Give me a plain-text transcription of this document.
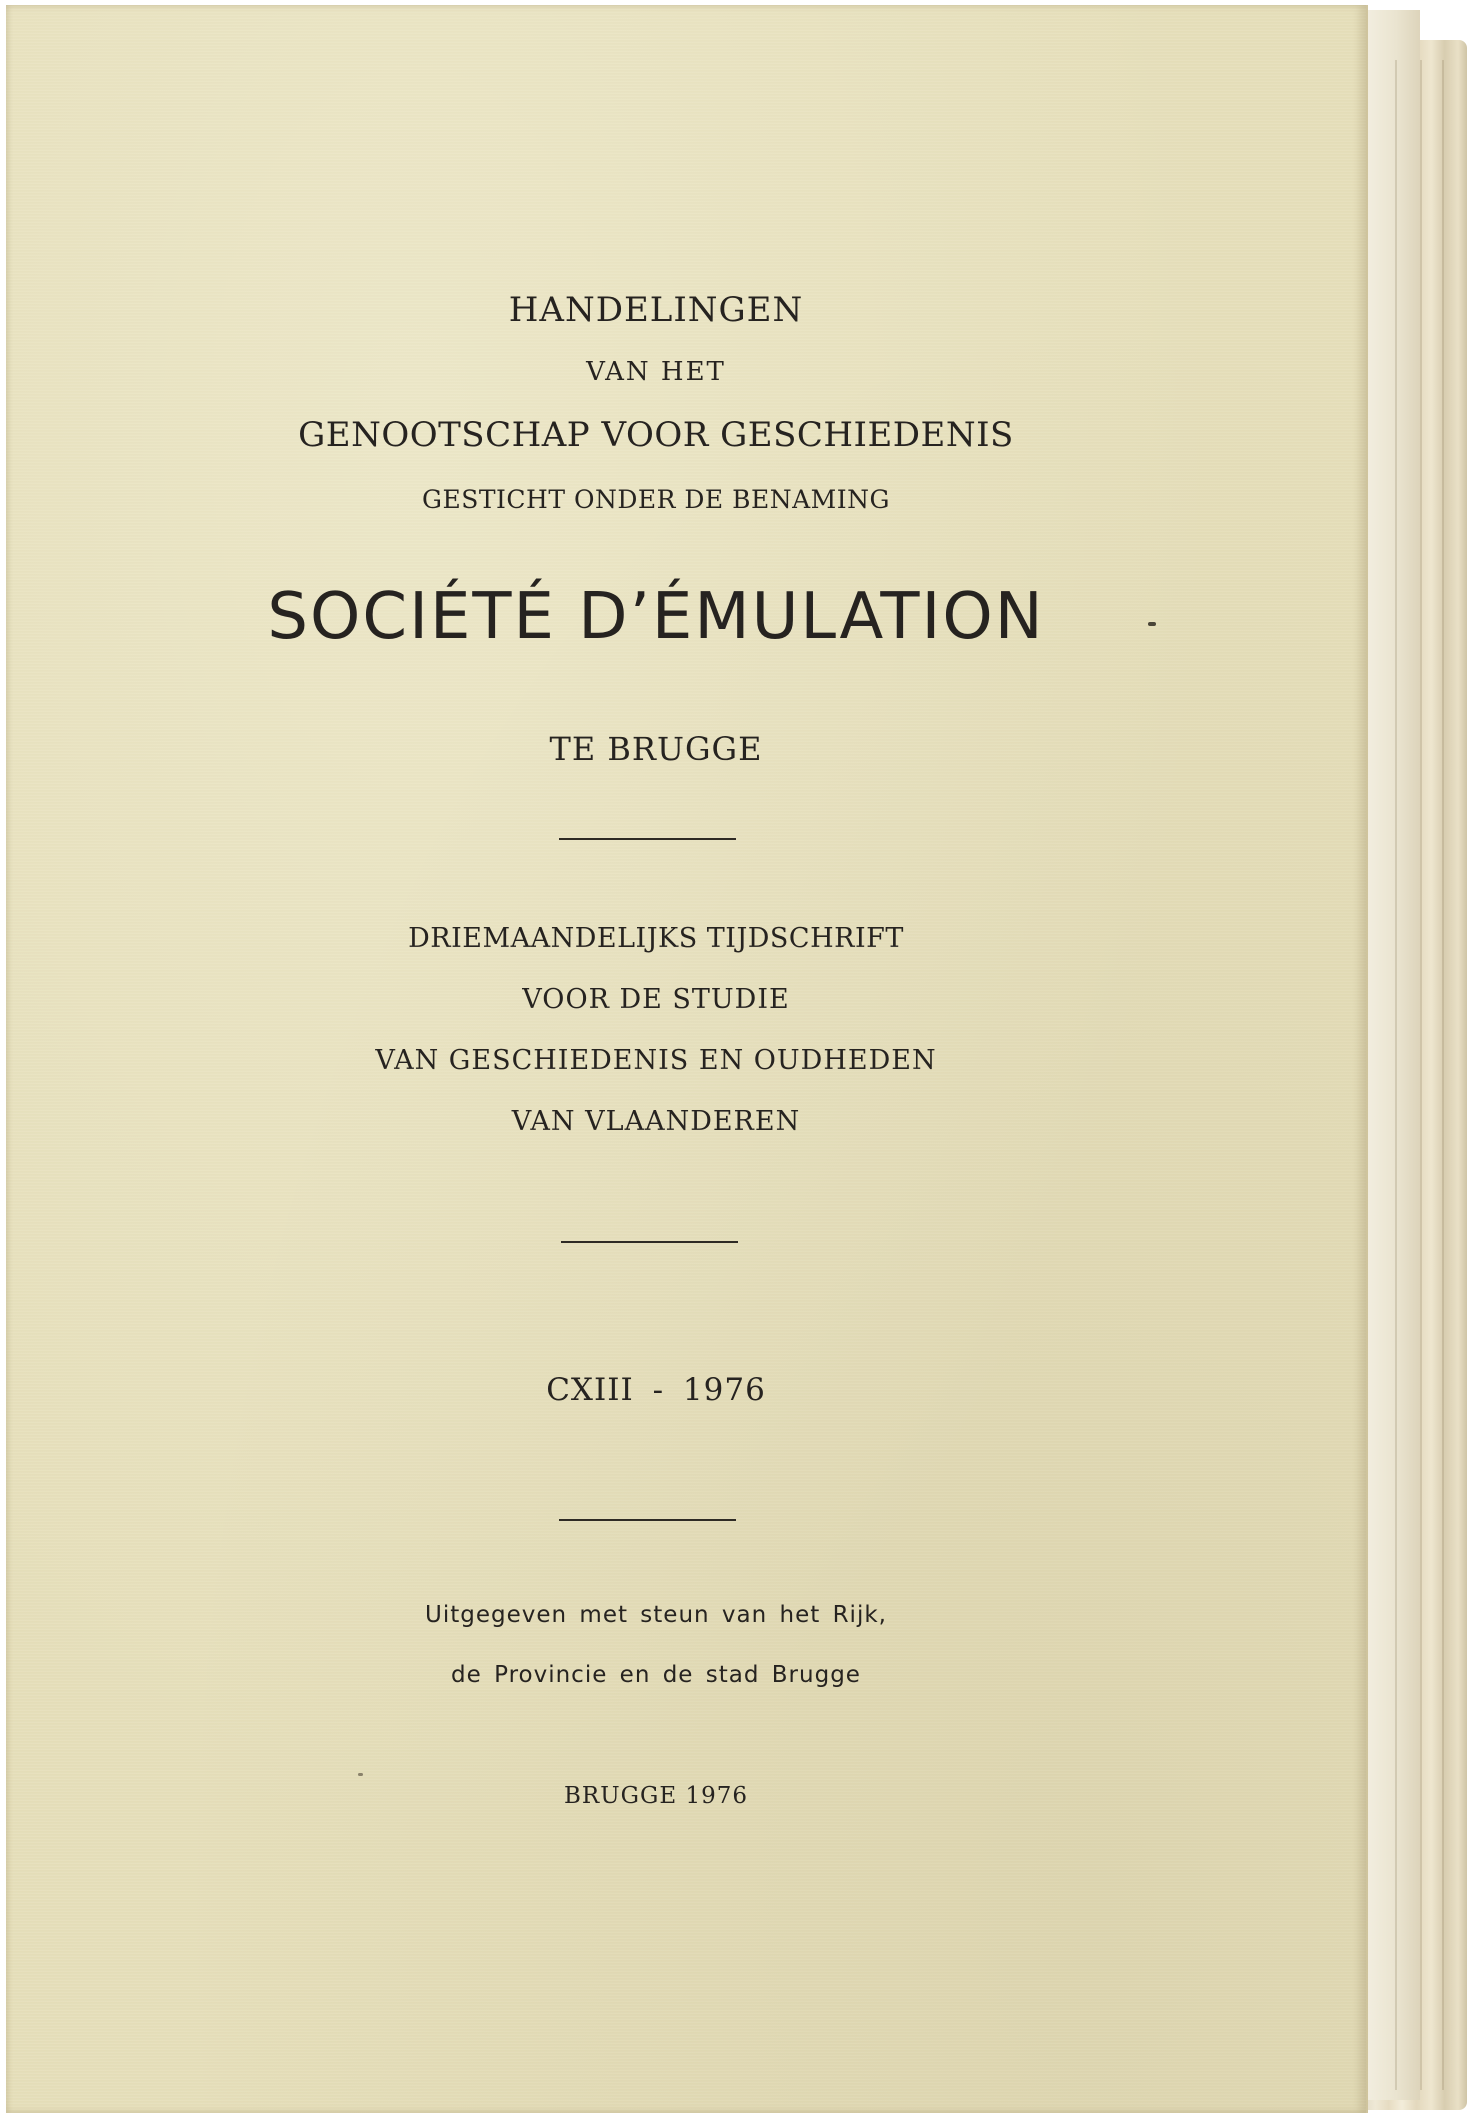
HANDELINGEN

VAN HET

GENOOTSCHAP VOOR GESCHIEDENIS

GESTICHT ONDER DE BENAMING

SOCIÉTÉ D’ÉMULATION

TE BRUGGE

DRIEMAANDELIJKS TIJDSCHRIFT

VOOR DE STUDIE

VAN GESCHIEDENIS EN OUDHEDEN

VAN VLAANDEREN

CXIII - 1976

Uitgegeven met steun van het Rijk,

de Provincie en de stad Brugge

BRUGGE 1976
